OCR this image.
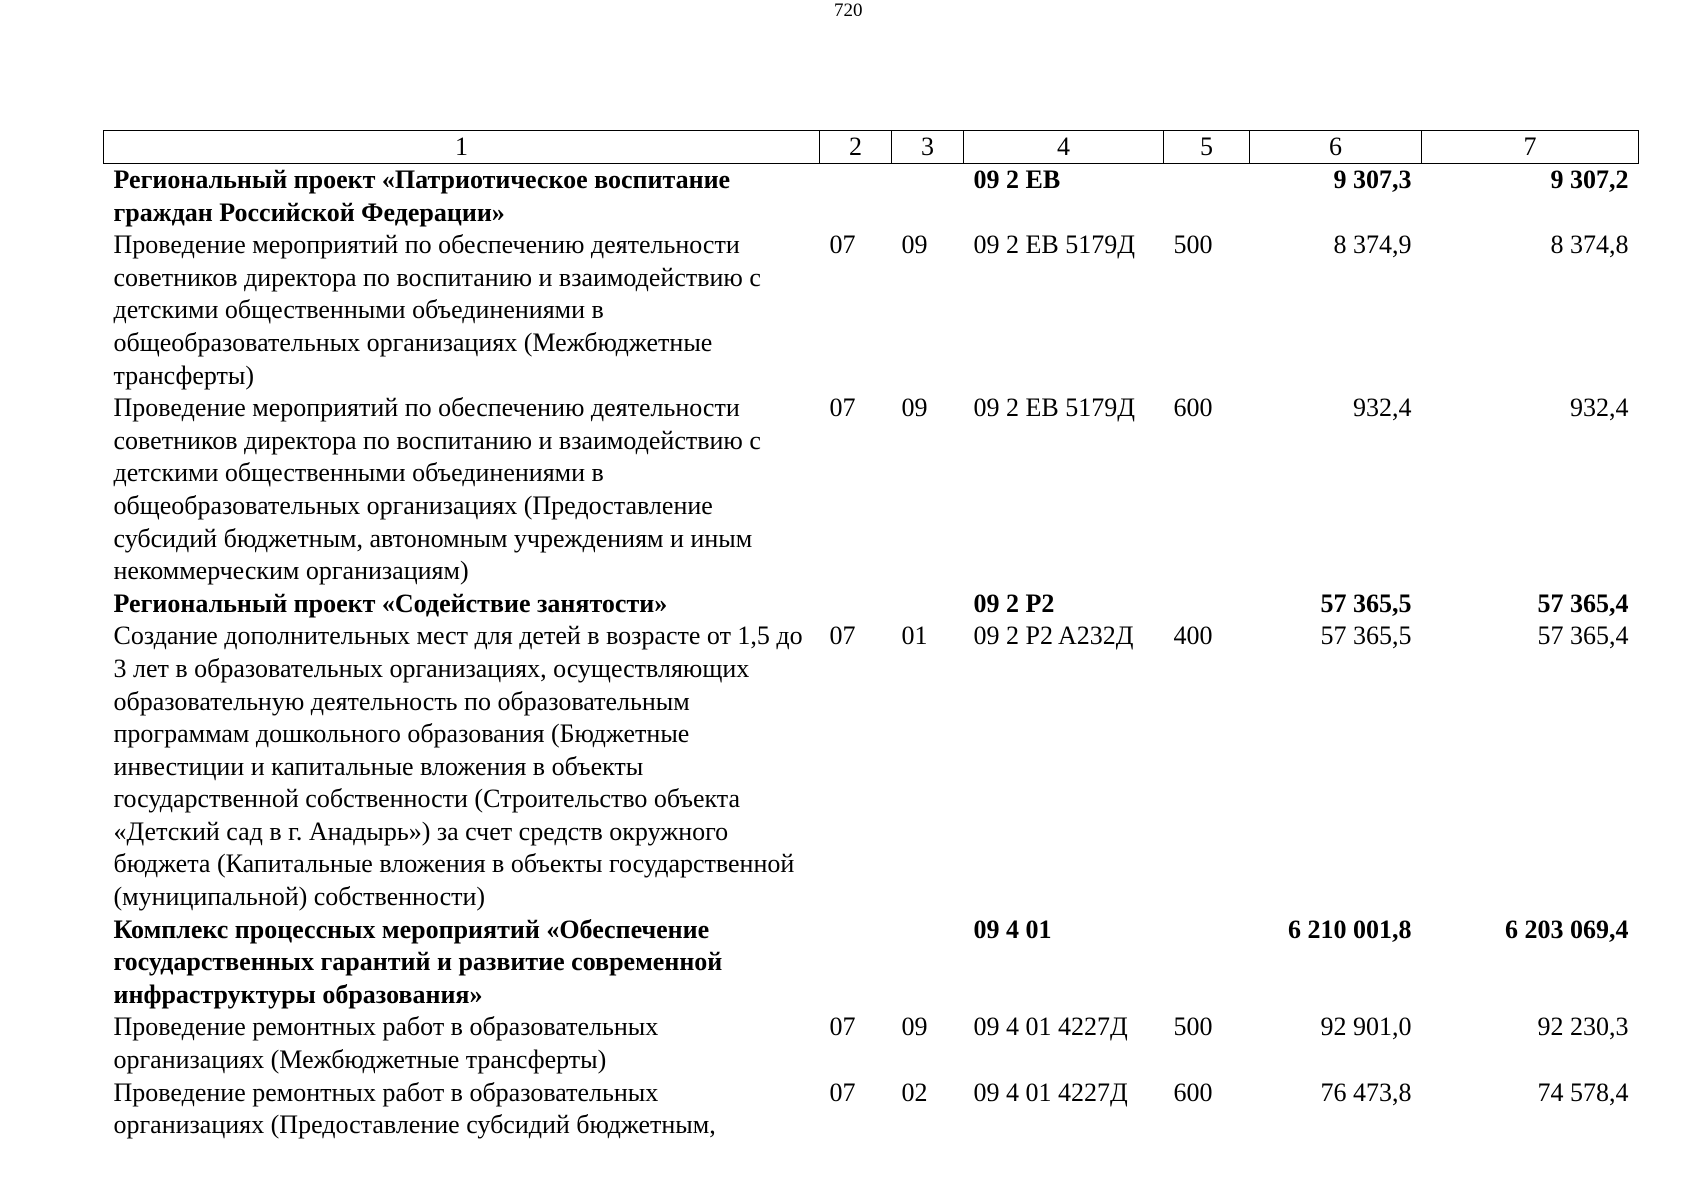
720
1	2	3	4	5	6	7
Региональный проект «Патриотическое воспитание граждан Российской Федерации»			09 2 EВ		9 307,3	9 307,2
Проведение мероприятий по обеспечению деятельности советников директора по воспитанию и взаимодействию с детскими общественными объединениями в общеобразовательных организациях (Межбюджетные трансферты)	07	09	09 2 EВ 5179Д	500	8 374,9	8 374,8
Проведение мероприятий по обеспечению деятельности советников директора по воспитанию и взаимодействию с детскими общественными объединениями в общеобразовательных организациях (Предоставление субсидий бюджетным, автономным учреждениям и иным некоммерческим организациям)	07	09	09 2 EВ 5179Д	600	932,4	932,4
Региональный проект «Содействие занятости»			09 2 P2		57 365,5	57 365,4
Создание дополнительных мест для детей в возрасте от 1,5 до 3 лет в образовательных организациях, осуществляющих образовательную деятельность по образовательным программам дошкольного образования (Бюджетные инвестиции и капитальные вложения в объекты государственной собственности (Строительство объекта «Детский сад в г. Анадырь») за счет средств окружного бюджета (Капитальные вложения в объекты государственной (муниципальной) собственности)	07	01	09 2 P2 A232Д	400	57 365,5	57 365,4
Комплекс процессных мероприятий «Обеспечение государственных гарантий и развитие современной инфраструктуры образования»			09 4 01		6 210 001,8	6 203 069,4
Проведение ремонтных работ в образовательных организациях (Межбюджетные трансферты)	07	09	09 4 01 4227Д	500	92 901,0	92 230,3
Проведение ремонтных работ в образовательных организациях (Предоставление субсидий бюджетным,	07	02	09 4 01 4227Д	600	76 473,8	74 578,4
